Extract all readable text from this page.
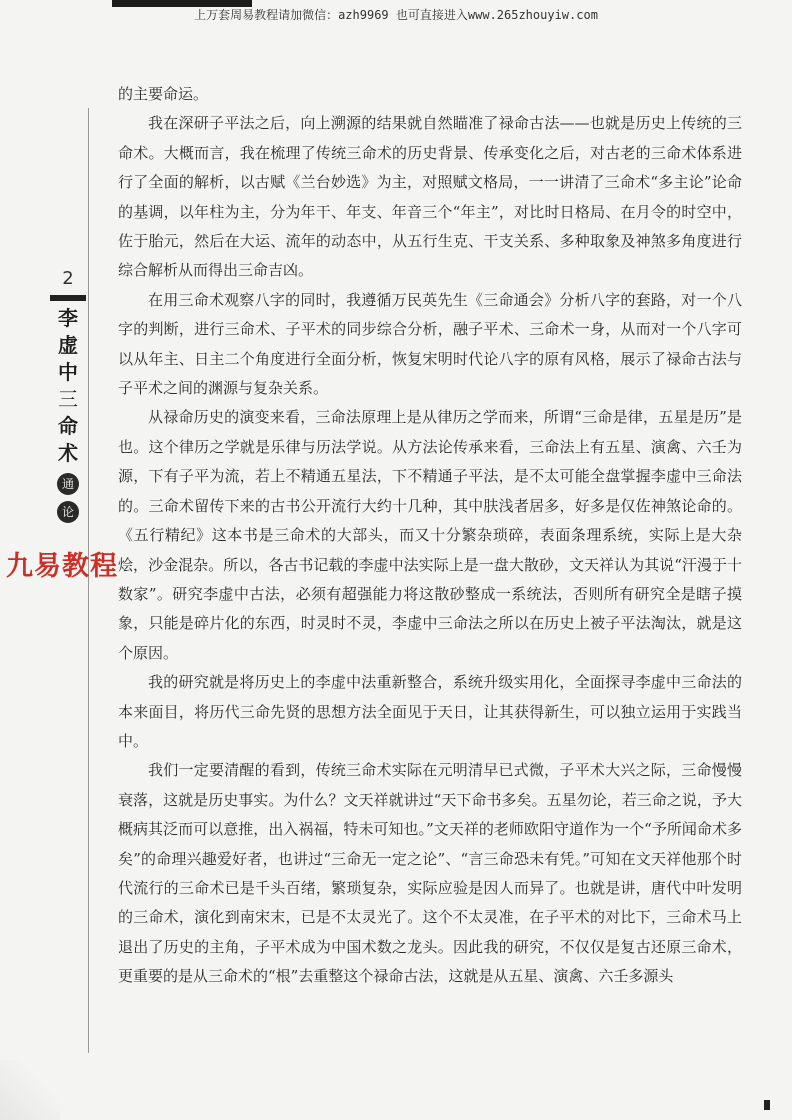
上万套周易教程请加微信：azh9969 也可直接进入www.265zhouyiw.com
2
李
虚
中
三
命
术
通
论

的主要命运。

我在深研子平法之后，向上溯源的结果就自然瞄准了禄命古法——也就是历史上传统的三命术。大概而言，我在梳理了传统三命术的历史背景、传承变化之后，对古老的三命术体系进行了全面的解析，以古赋《兰台妙选》为主，对照赋文格局，一一讲清了三命术“多主论”论命的基调，以年柱为主，分为年干、年支、年音三个“年主”，对比时日格局、在月令的时空中，佐于胎元，然后在大运、流年的动态中，从五行生克、干支关系、多种取象及神煞多角度进行综合解析从而得出三命吉凶。

在用三命术观察八字的同时，我遵循万民英先生《三命通会》分析八字的套路，对一个八字的判断，进行三命术、子平术的同步综合分析，融子平术、三命术一身，从而对一个八字可以从年主、日主二个角度进行全面分析，恢复宋明时代论八字的原有风格，展示了禄命古法与子平术之间的渊源与复杂关系。

从禄命历史的演变来看，三命法原理上是从律历之学而来，所谓“三命是律，五星是历”是也。这个律历之学就是乐律与历法学说。从方法论传承来看，三命法上有五星、演禽、六壬为源，下有子平为流，若上不精通五星法，下不精通子平法，是不太可能全盘掌握李虚中三命法的。三命术留传下来的古书公开流行大约十几种，其中肤浅者居多，好多是仅佐神煞论命的。《五行精纪》这本书是三命术的大部头，而又十分繁杂琐碎，表面条理系统，实际上是大杂烩，沙金混杂。所以，各古书记载的李虚中法实际上是一盘大散砂，文天祥认为其说“汗漫于十数家”。研究李虚中古法，必须有超强能力将这散砂整成一系统法，否则所有研究全是瞎子摸象，只能是碎片化的东西，时灵时不灵，李虚中三命法之所以在历史上被子平法淘汰，就是这个原因。

我的研究就是将历史上的李虚中法重新整合，系统升级实用化，全面探寻李虚中三命法的本来面目，将历代三命先贤的思想方法全面见于天日，让其获得新生，可以独立运用于实践当中。

我们一定要清醒的看到，传统三命术实际在元明清早已式微，子平术大兴之际，三命慢慢衰落，这就是历史事实。为什么？文天祥就讲过“天下命书多矣。五星勿论，若三命之说，予大概病其泛而可以意推，出入祸福，特未可知也。”文天祥的老师欧阳守道作为一个“予所闻命术多矣”的命理兴趣爱好者，也讲过“三命无一定之论”、“言三命恐未有凭。”可知在文天祥他那个时代流行的三命术已是千头百绪，繁琐复杂，实际应验是因人而异了。也就是讲，唐代中叶发明的三命术，演化到南宋末，已是不太灵光了。这个不太灵准，在子平术的对比下，三命术马上退出了历史的主角，子平术成为中国术数之龙头。因此我的研究，不仅仅是复古还原三命术，更重要的是从三命术的“根”去重整这个禄命古法，这就是从五星、演禽、六壬多源头

九易教程
